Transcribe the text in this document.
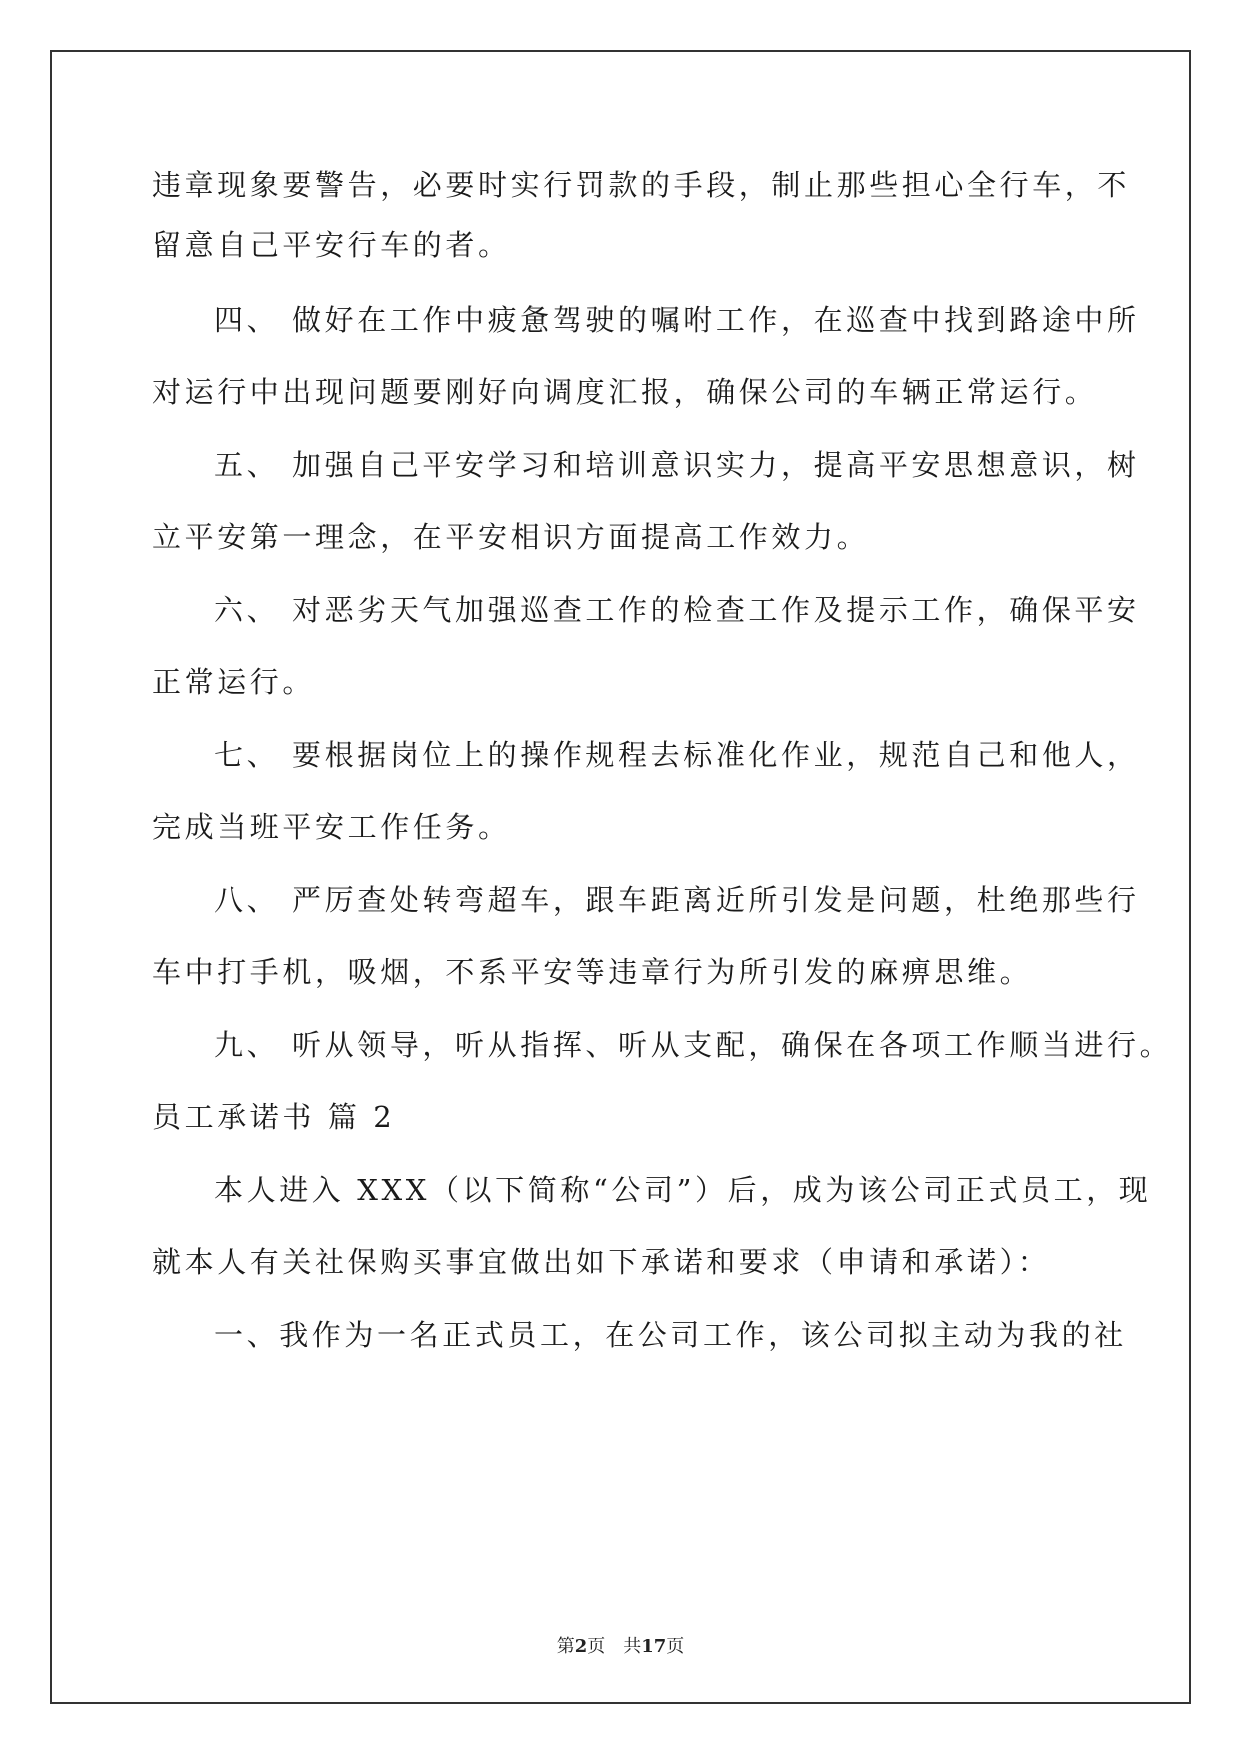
违章现象要警告，必要时实行罚款的手段，制止那些担心全行车，不
留意自己平安行车的者。
四、 做好在工作中疲惫驾驶的嘱咐工作，在巡查中找到路途中所
对运行中出现问题要刚好向调度汇报，确保公司的车辆正常运行。
五、 加强自己平安学习和培训意识实力，提高平安思想意识，树
立平安第一理念，在平安相识方面提高工作效力。
六、 对恶劣天气加强巡查工作的检查工作及提示工作，确保平安
正常运行。
七、 要根据岗位上的操作规程去标准化作业，规范自己和他人，
完成当班平安工作任务。
八、 严厉查处转弯超车，跟车距离近所引发是问题，杜绝那些行
车中打手机，吸烟，不系平安等违章行为所引发的麻痹思维。
九、 听从领导，听从指挥、听从支配，确保在各项工作顺当进行。
员工承诺书 篇 2
本人进入 XXX（以下简称“公司”）后，成为该公司正式员工，现
就本人有关社保购买事宜做出如下承诺和要求（申请和承诺）：
一、我作为一名正式员工，在公司工作，该公司拟主动为我的社
第2页　共17页
